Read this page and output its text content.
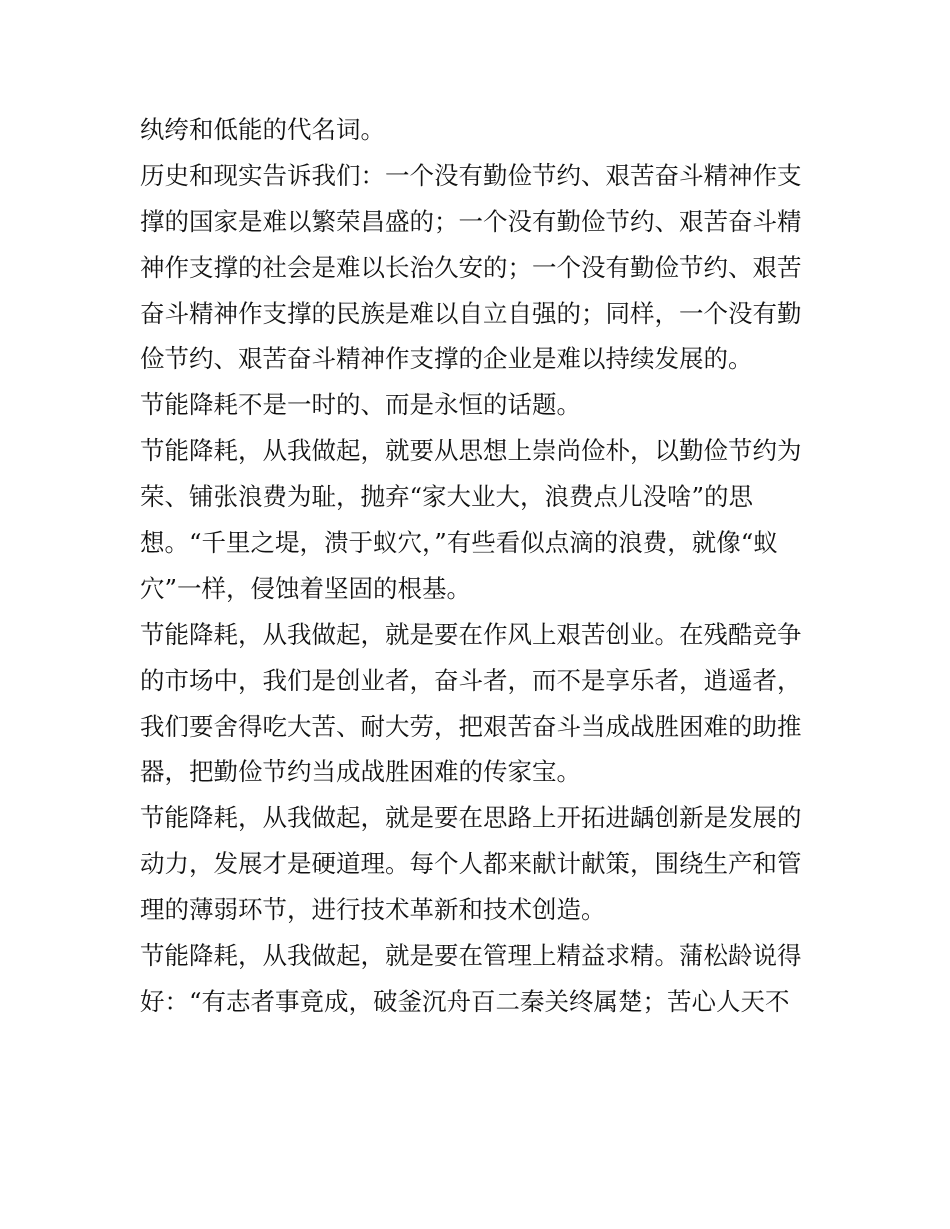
纨绔和低能的代名词。
历史和现实告诉我们：一个没有勤俭节约、艰苦奋斗精神作支
撑的国家是难以繁荣昌盛的；一个没有勤俭节约、艰苦奋斗精
神作支撑的社会是难以长治久安的；一个没有勤俭节约、艰苦
奋斗精神作支撑的民族是难以自立自强的；同样，一个没有勤
俭节约、艰苦奋斗精神作支撑的企业是难以持续发展的。
节能降耗不是一时的、而是永恒的话题。
节能降耗，从我做起，就要从思想上崇尚俭朴，以勤俭节约为
荣、铺张浪费为耻，抛弃“家大业大，浪费点儿没啥”的思
想。“千里之堤，溃于蚁穴，”有些看似点滴的浪费，就像“蚁
穴”一样，侵蚀着坚固的根基。
节能降耗，从我做起，就是要在作风上艰苦创业。在残酷竞争
的市场中，我们是创业者，奋斗者，而不是享乐者，逍遥者，
我们要舍得吃大苦、耐大劳，把艰苦奋斗当成战胜困难的助推
器，把勤俭节约当成战胜困难的传家宝。
节能降耗，从我做起，就是要在思路上开拓进龋创新是发展的
动力，发展才是硬道理。每个人都来献计献策，围绕生产和管
理的薄弱环节，进行技术革新和技术创造。
节能降耗，从我做起，就是要在管理上精益求精。蒲松龄说得
好：“有志者事竟成，破釜沉舟百二秦关终属楚；苦心人天不
